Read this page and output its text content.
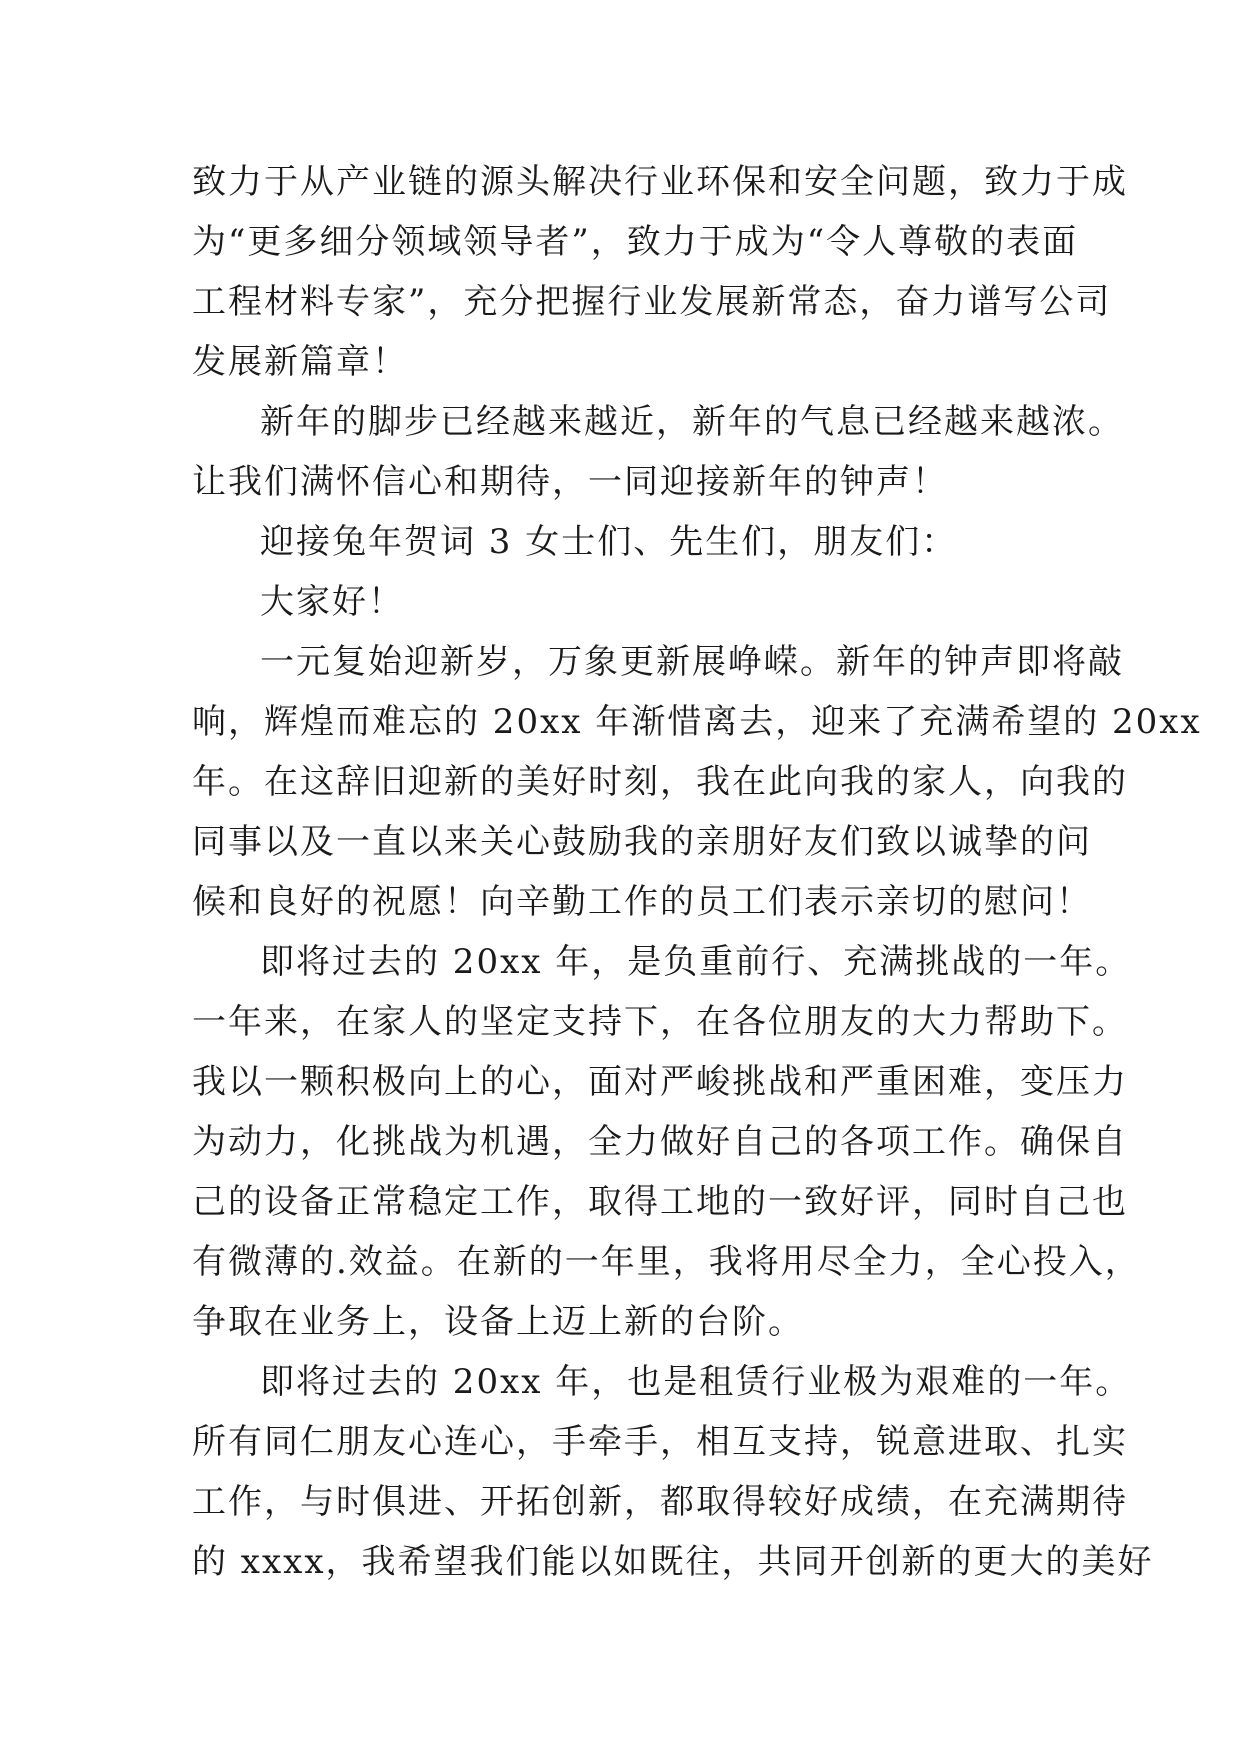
致力于从产业链的源头解决行业环保和安全问题，致力于成
为“更多细分领域领导者”，致力于成为“令人尊敬的表面
工程材料专家”，充分把握行业发展新常态，奋力谱写公司
发展新篇章！
新年的脚步已经越来越近，新年的气息已经越来越浓。
让我们满怀信心和期待，一同迎接新年的钟声！
迎接兔年贺词 3 女士们、先生们，朋友们：
大家好！
一元复始迎新岁，万象更新展峥嵘。新年的钟声即将敲
响，辉煌而难忘的 20xx 年渐惜离去，迎来了充满希望的 20xx
年。在这辞旧迎新的美好时刻，我在此向我的家人，向我的
同事以及一直以来关心鼓励我的亲朋好友们致以诚挚的问
候和良好的祝愿！向辛勤工作的员工们表示亲切的慰问！
即将过去的 20xx 年，是负重前行、充满挑战的一年。
一年来，在家人的坚定支持下，在各位朋友的大力帮助下。
我以一颗积极向上的心，面对严峻挑战和严重困难，变压力
为动力，化挑战为机遇，全力做好自己的各项工作。确保自
己的设备正常稳定工作，取得工地的一致好评，同时自己也
有微薄的.效益。在新的一年里，我将用尽全力，全心投入，
争取在业务上，设备上迈上新的台阶。
即将过去的 20xx 年，也是租赁行业极为艰难的一年。
所有同仁朋友心连心，手牵手，相互支持，锐意进取、扎实
工作，与时俱进、开拓创新，都取得较好成绩，在充满期待
的 xxxx，我希望我们能以如既往，共同开创新的更大的美好
